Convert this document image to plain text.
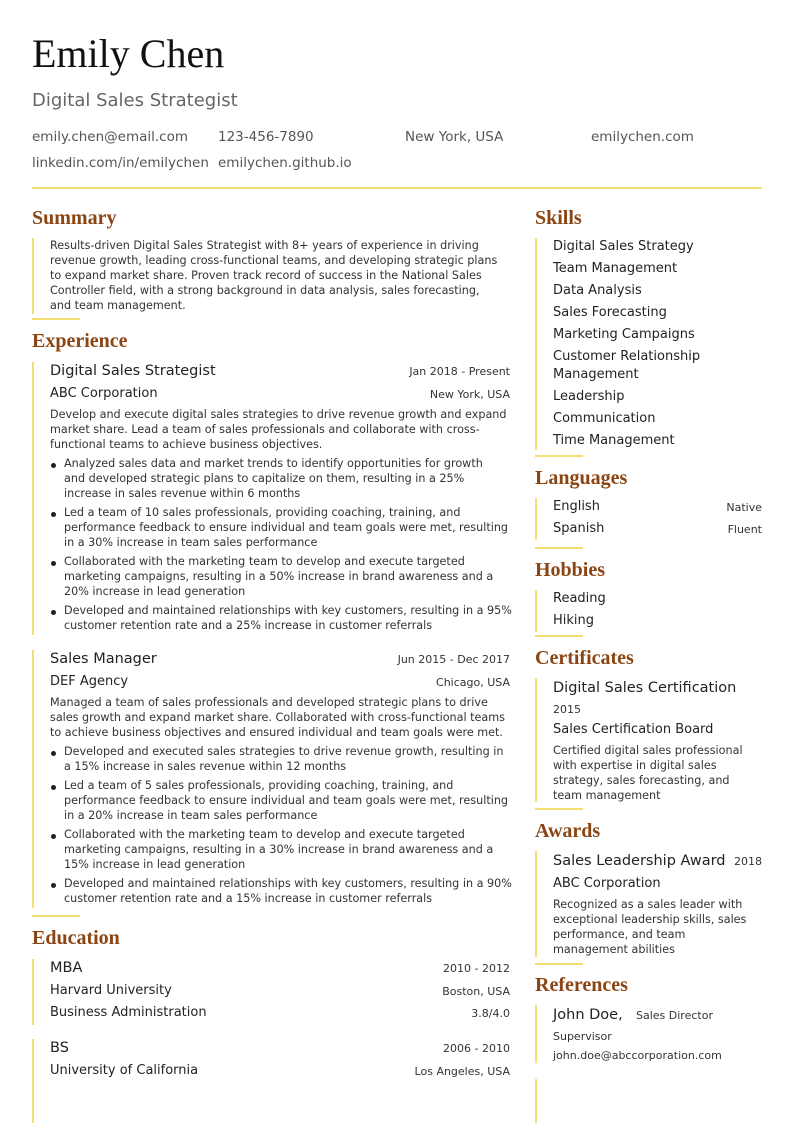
Emily Chen
Digital Sales Strategist
emily.chen@email.com 123-456-7890	New York, USA	emilychen.com
linkedin.com/in/emilychen emilychen.github.io
Summary
Results-driven Digital Sales Strategist with 8+ years of experience in driving
revenue growth, leading cross-functional teams, and developing strategic plans
to expand market share. Proven track record of success in the National Sales
Controller field, with a strong background in data analysis, sales forecasting,
and team management.
Experience
Digital Sales Strategist	Jan 2018 - Present
ABC Corporation	New York, USA
Develop and execute digital sales strategies to drive revenue growth and expand
market share. Lead a team of sales professionals and collaborate with cross-
functional teams to achieve business objectives.
Analyzed sales data and market trends to identify opportunities for growth
and developed strategic plans to capitalize on them, resulting in a 25%
increase in sales revenue within 6 months
Led a team of 10 sales professionals, providing coaching, training, and
performance feedback to ensure individual and team goals were met, resulting
in a 30% increase in team sales performance
Collaborated with the marketing team to develop and execute targeted
marketing campaigns, resulting in a 50% increase in brand awareness and a
20% increase in lead generation
Developed and maintained relationships with key customers, resulting in a 95%
customer retention rate and a 25% increase in customer referrals
Sales Manager	Jun 2015 - Dec 2017
DEF Agency	Chicago, USA
Managed a team of sales professionals and developed strategic plans to drive
sales growth and expand market share. Collaborated with cross-functional teams
to achieve business objectives and ensured individual and team goals were met.
Developed and executed sales strategies to drive revenue growth, resulting in
a 15% increase in sales revenue within 12 months
Led a team of 5 sales professionals, providing coaching, training, and
performance feedback to ensure individual and team goals were met, resulting
in a 20% increase in team sales performance
Collaborated with the marketing team to develop and execute targeted
marketing campaigns, resulting in a 30% increase in brand awareness and a
15% increase in lead generation
Developed and maintained relationships with key customers, resulting in a 90%
customer retention rate and a 15% increase in customer referrals
Education
MBA	2010 - 2012
Harvard University	Boston, USA
Business Administration	3.8/4.0
BS	2006 - 2010
University of California	Los Angeles, USA
Skills
Digital Sales Strategy
Team Management
Data Analysis
Sales Forecasting
Marketing Campaigns
Customer Relationship
Management
Leadership
Communication
Time Management
Languages
English	Native
Spanish	Fluent
Hobbies
Reading
Hiking
Certificates
Digital Sales Certification
2015
Sales Certification Board
Certified digital sales professional
with expertise in digital sales
strategy, sales forecasting, and
team management
Awards
Sales Leadership Award 2018
ABC Corporation
Recognized as a sales leader with
exceptional leadership skills, sales
performance, and team
management abilities
References
John Doe, Sales Director
Supervisor
john.doe@abccorporation.com
